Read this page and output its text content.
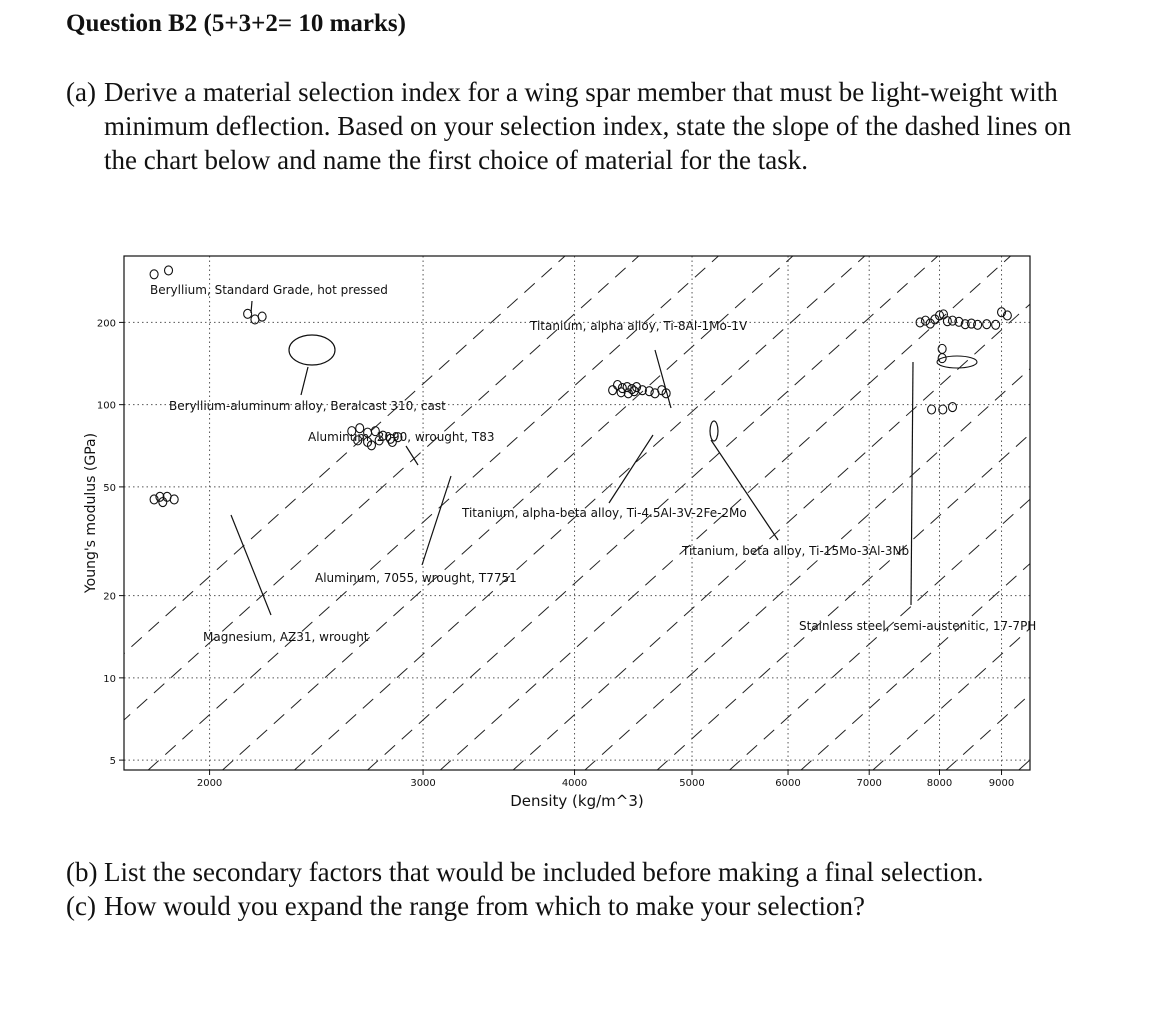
Question B2 (5+3+2= 10 marks)
(a) Derive a material selection index for a wing spar member that must be light-weight with minimum deflection. Based on your selection index, state the slope of the dashed lines on the chart below and name the first choice of material for the task.
Beryllium, Standard Grade, hot pressed
Titanium, alpha alloy, Ti-8Al-1Mo-1V
Beryllium-aluminum alloy, Beralcast 310, cast
Aluminum, 2090, wrought, T83
Titanium, alpha-beta alloy, Ti-4.5Al-3V-2Fe-2Mo
Titanium, beta alloy, Ti-15Mo-3Al-3Nb
Aluminum, 7055, wrought, T7751
Stainless steel, semi-austenitic, 17-7PH
Magnesium, AZ31, wrought
2000	3000	4000	5000	6000	7000	8000	9000
5
10
20
50
100
200
Density (kg/m^3)
Young's modulus (GPa)
(b) List the secondary factors that would be included before making a final selection.
(c) How would you expand the range from which to make your selection?
